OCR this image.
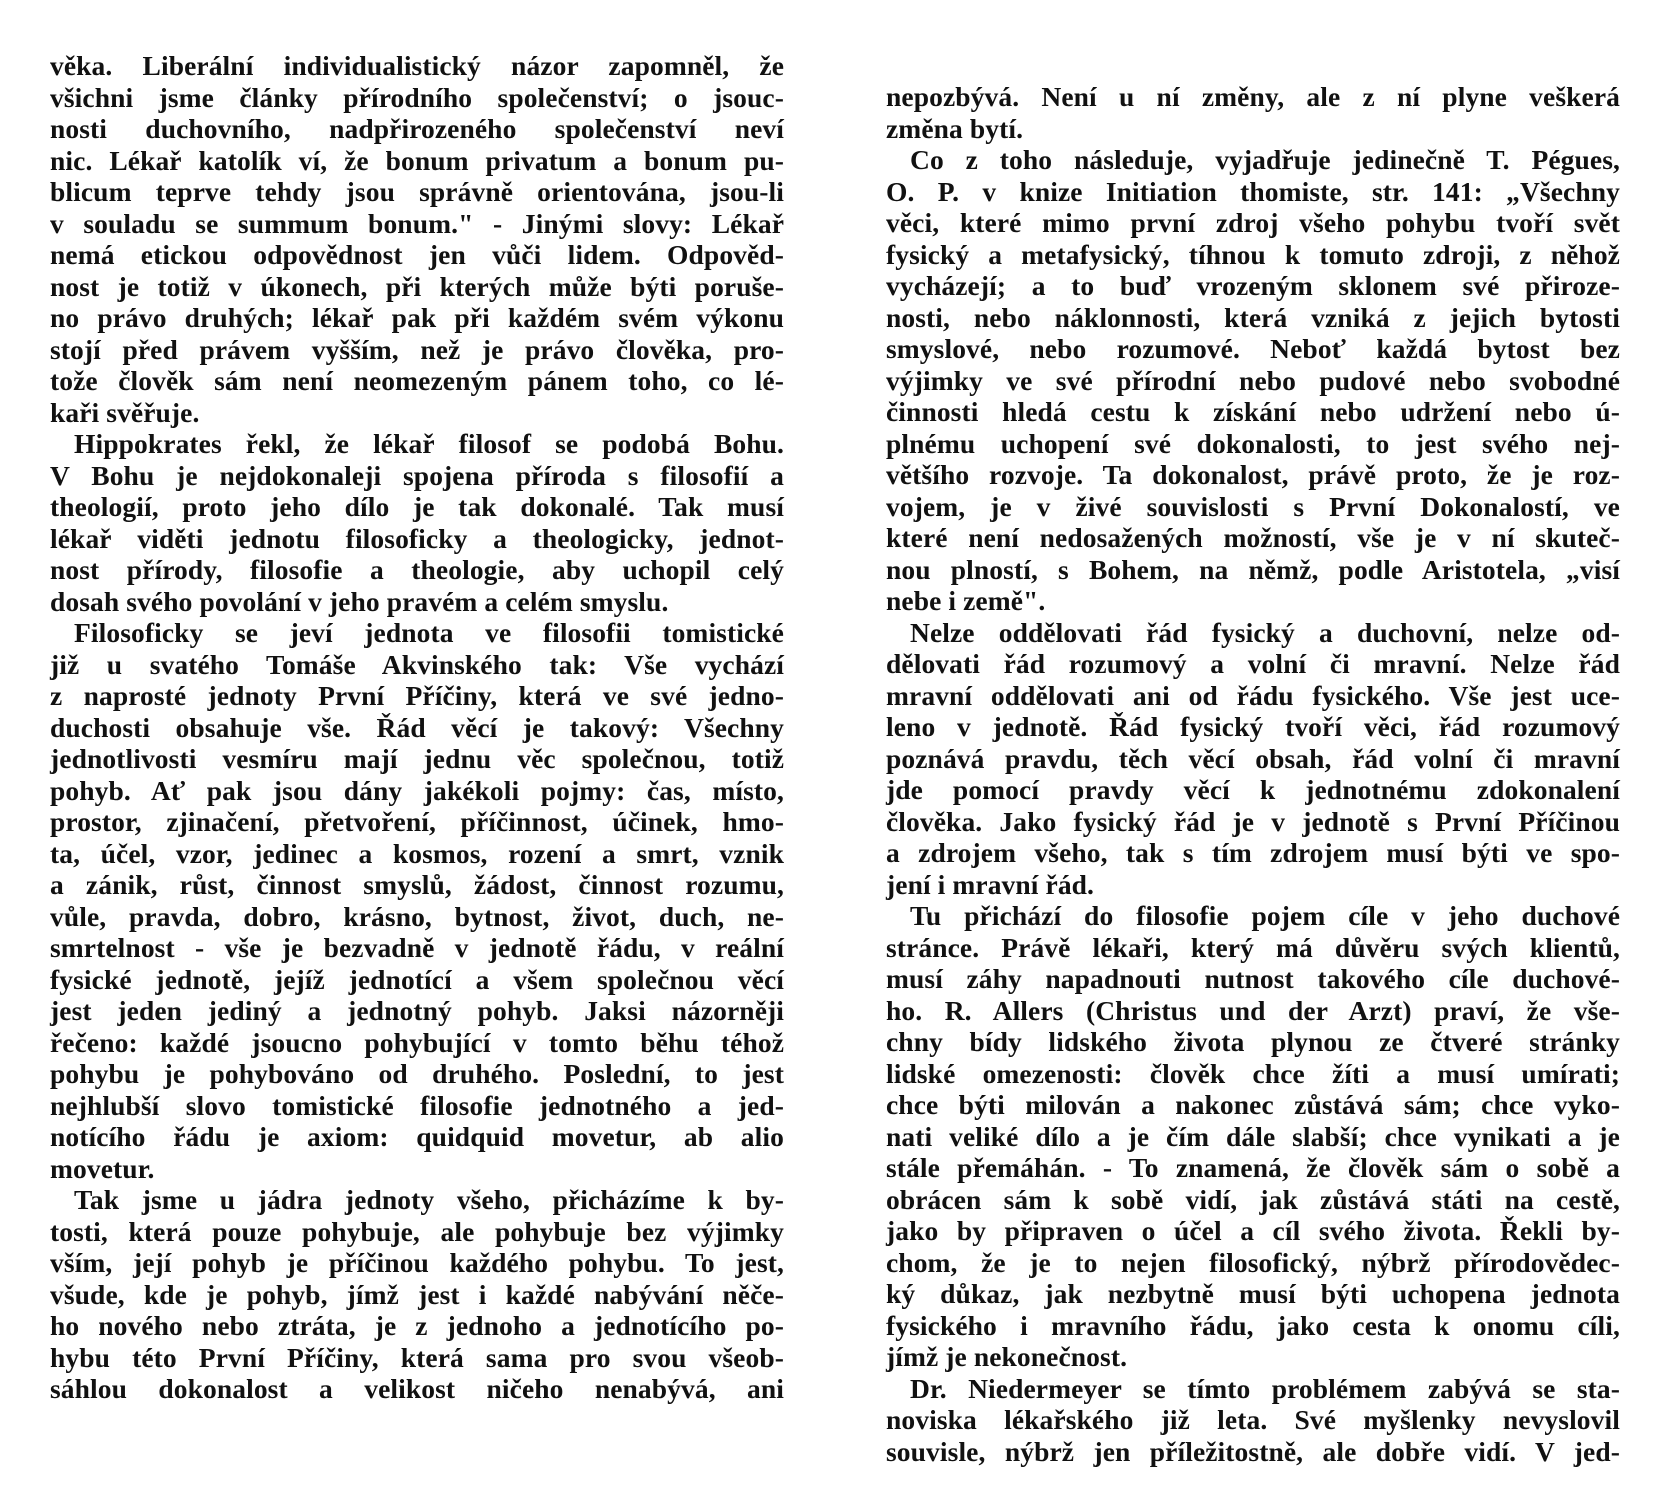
věka. Liberální individualistický názor zapomněl, že
všichni jsme články přírodního společenství; o jsouc-
nosti duchovního, nadpřirozeného společenství neví
nic. Lékař katolík ví, že bonum privatum a bonum pu-
blicum teprve tehdy jsou správně orientována, jsou-li
v souladu se summum bonum." - Jinými slovy: Lékař
nemá etickou odpovědnost jen vůči lidem. Odpověd-
nost je totiž v úkonech, při kterých může býti poruše-
no právo druhých; lékař pak při každém svém výkonu
stojí před právem vyšším, než je právo člověka, pro-
tože člověk sám není neomezeným pánem toho, co lé-
kaři svěřuje.
Hippokrates řekl, že lékař filosof se podobá Bohu.
V Bohu je nejdokonaleji spojena příroda s filosofií a
theologií, proto jeho dílo je tak dokonalé. Tak musí
lékař viděti jednotu filosoficky a theologicky, jednot-
nost přírody, filosofie a theologie, aby uchopil celý
dosah svého povolání v jeho pravém a celém smyslu.
Filosoficky se jeví jednota ve filosofii tomistické
již u svatého Tomáše Akvinského tak: Vše vychází
z naprosté jednoty První Příčiny, která ve své jedno-
duchosti obsahuje vše. Řád věcí je takový: Všechny
jednotlivosti vesmíru mají jednu věc společnou, totiž
pohyb. Ať pak jsou dány jakékoli pojmy: čas, místo,
prostor, zjinačení, přetvoření, příčinnost, účinek, hmo-
ta, účel, vzor, jedinec a kosmos, rození a smrt, vznik
a zánik, růst, činnost smyslů, žádost, činnost rozumu,
vůle, pravda, dobro, krásno, bytnost, život, duch, ne-
smrtelnost - vše je bezvadně v jednotě řádu, v reální
fysické jednotě, jejíž jednotící a všem společnou věcí
jest jeden jediný a jednotný pohyb. Jaksi názorněji
řečeno: každé jsoucno pohybující v tomto běhu téhož
pohybu je pohybováno od druhého. Poslední, to jest
nejhlubší slovo tomistické filosofie jednotného a jed-
notícího řádu je axiom: quidquid movetur, ab alio
movetur.
Tak jsme u jádra jednoty všeho, přicházíme k by-
tosti, která pouze pohybuje, ale pohybuje bez výjimky
vším, její pohyb je příčinou každého pohybu. To jest,
všude, kde je pohyb, jímž jest i každé nabývání něče-
ho nového nebo ztráta, je z jednoho a jednotícího po-
hybu této První Příčiny, která sama pro svou všeob-
sáhlou dokonalost a velikost ničeho nenabývá, ani
nepozbývá. Není u ní změny, ale z ní plyne veškerá
změna bytí.
Co z toho následuje, vyjadřuje jedinečně T. Pégues,
O. P. v knize Initiation thomiste, str. 141: „Všechny
věci, které mimo první zdroj všeho pohybu tvoří svět
fysický a metafysický, tíhnou k tomuto zdroji, z něhož
vycházejí; a to buď vrozeným sklonem své přiroze-
nosti, nebo náklonnosti, která vzniká z jejich bytosti
smyslové, nebo rozumové. Neboť každá bytost bez
výjimky ve své přírodní nebo pudové nebo svobodné
činnosti hledá cestu k získání nebo udržení nebo ú-
plnému uchopení své dokonalosti, to jest svého nej-
většího rozvoje. Ta dokonalost, právě proto, že je roz-
vojem, je v živé souvislosti s První Dokonalostí, ve
které není nedosažených možností, vše je v ní skuteč-
nou plností, s Bohem, na němž, podle Aristotela, „visí
nebe i země".
Nelze oddělovati řád fysický a duchovní, nelze od-
dělovati řád rozumový a volní či mravní. Nelze řád
mravní oddělovati ani od řádu fysického. Vše jest uce-
leno v jednotě. Řád fysický tvoří věci, řád rozumový
poznává pravdu, těch věcí obsah, řád volní či mravní
jde pomocí pravdy věcí k jednotnému zdokonalení
člověka. Jako fysický řád je v jednotě s První Příčinou
a zdrojem všeho, tak s tím zdrojem musí býti ve spo-
jení i mravní řád.
Tu přichází do filosofie pojem cíle v jeho duchové
stránce. Právě lékaři, který má důvěru svých klientů,
musí záhy napadnouti nutnost takového cíle duchové-
ho. R. Allers (Christus und der Arzt) praví, že vše-
chny bídy lidského života plynou ze čtveré stránky
lidské omezenosti: člověk chce žíti a musí umírati;
chce býti milován a nakonec zůstává sám; chce vyko-
nati veliké dílo a je čím dále slabší; chce vynikati a je
stále přemáhán. - To znamená, že člověk sám o sobě a
obrácen sám k sobě vidí, jak zůstává státi na cestě,
jako by připraven o účel a cíl svého života. Řekli by-
chom, že je to nejen filosofický, nýbrž přírodovědec-
ký důkaz, jak nezbytně musí býti uchopena jednota
fysického i mravního řádu, jako cesta k onomu cíli,
jímž je nekonečnost.
Dr. Niedermeyer se tímto problémem zabývá se sta-
noviska lékařského již leta. Své myšlenky nevyslovil
souvisle, nýbrž jen příležitostně, ale dobře vidí. V jed-
